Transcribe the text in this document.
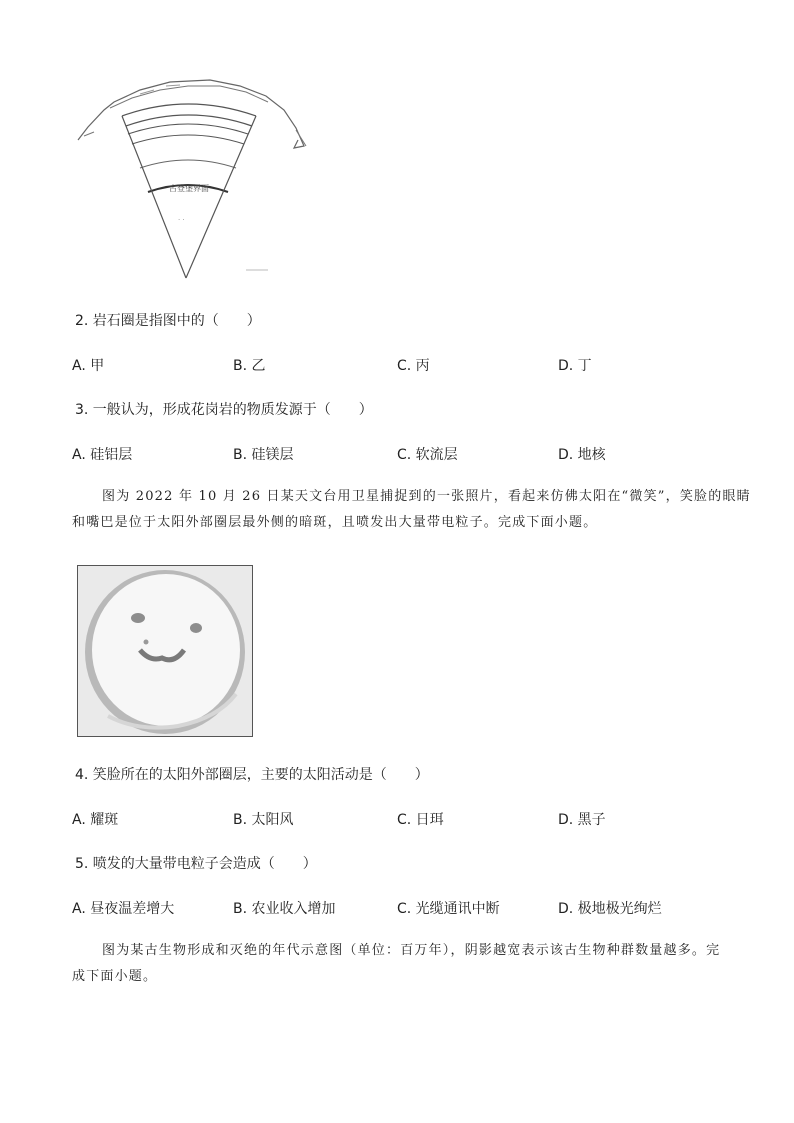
· ·
古登堡界面
2. 岩石圈是指图中的（　　）
A. 甲	B. 乙	C. 丙	D. 丁
3. 一般认为，形成花岗岩的物质发源于（　　）
A. 硅铝层	B. 硅镁层	C. 软流层	D. 地核
图为 2022 年 10 月 26 日某天文台用卫星捕捉到的一张照片，看起来仿佛太阳在“微笑”，笑脸的眼睛
和嘴巴是位于太阳外部圈层最外侧的暗斑，且喷发出大量带电粒子。完成下面小题。
4. 笑脸所在的太阳外部圈层，主要的太阳活动是（　　）
A. 耀斑	B. 太阳风	C. 日珥	D. 黑子
5. 喷发的大量带电粒子会造成（　　）
A. 昼夜温差增大	B. 农业收入增加	C. 光缆通讯中断	D. 极地极光绚烂
图为某古生物形成和灭绝的年代示意图（单位：百万年），阴影越宽表示该古生物种群数量越多。完
成下面小题。
